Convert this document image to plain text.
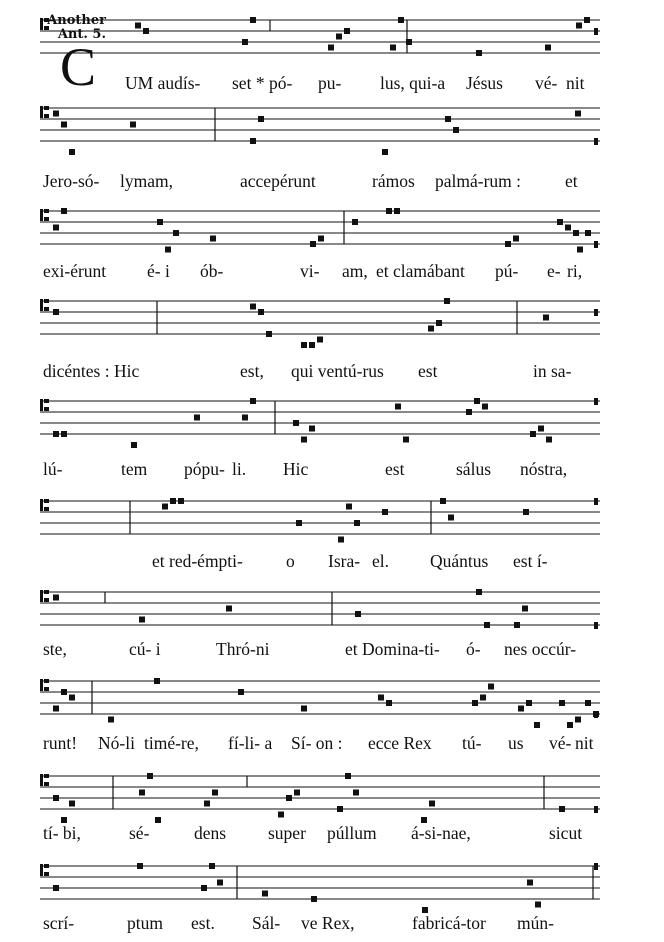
Another
Ant. 5.
C UM audís- set * pó- pu- lus, qui-a Jésus vé- nit
Jero-só- lymam,	accepérunt	rámos palmá-rum :	et
exi-érunt é- i ób-	vi- am, et clamábant pú- e- ri,
dicéntes : Hic	est, qui ventú-rus est	in sa-
lú-	tem pópu- li. Hic	est	sálus nóstra,
et red-émpti- o Isra- el. Quántus est í-
ste,	cú- i	Thró-ni	et Domina-ti- ó- nes occúr-
runt! Nó-li timé-re, fí-li- a Sí- on : ecce Rex tú- us vé- nit
tí- bi,	sé-	dens super púllum á-si-nae,	sicut
scrí-	ptum est. Sál- ve Rex,	fabricá-tor mún-
